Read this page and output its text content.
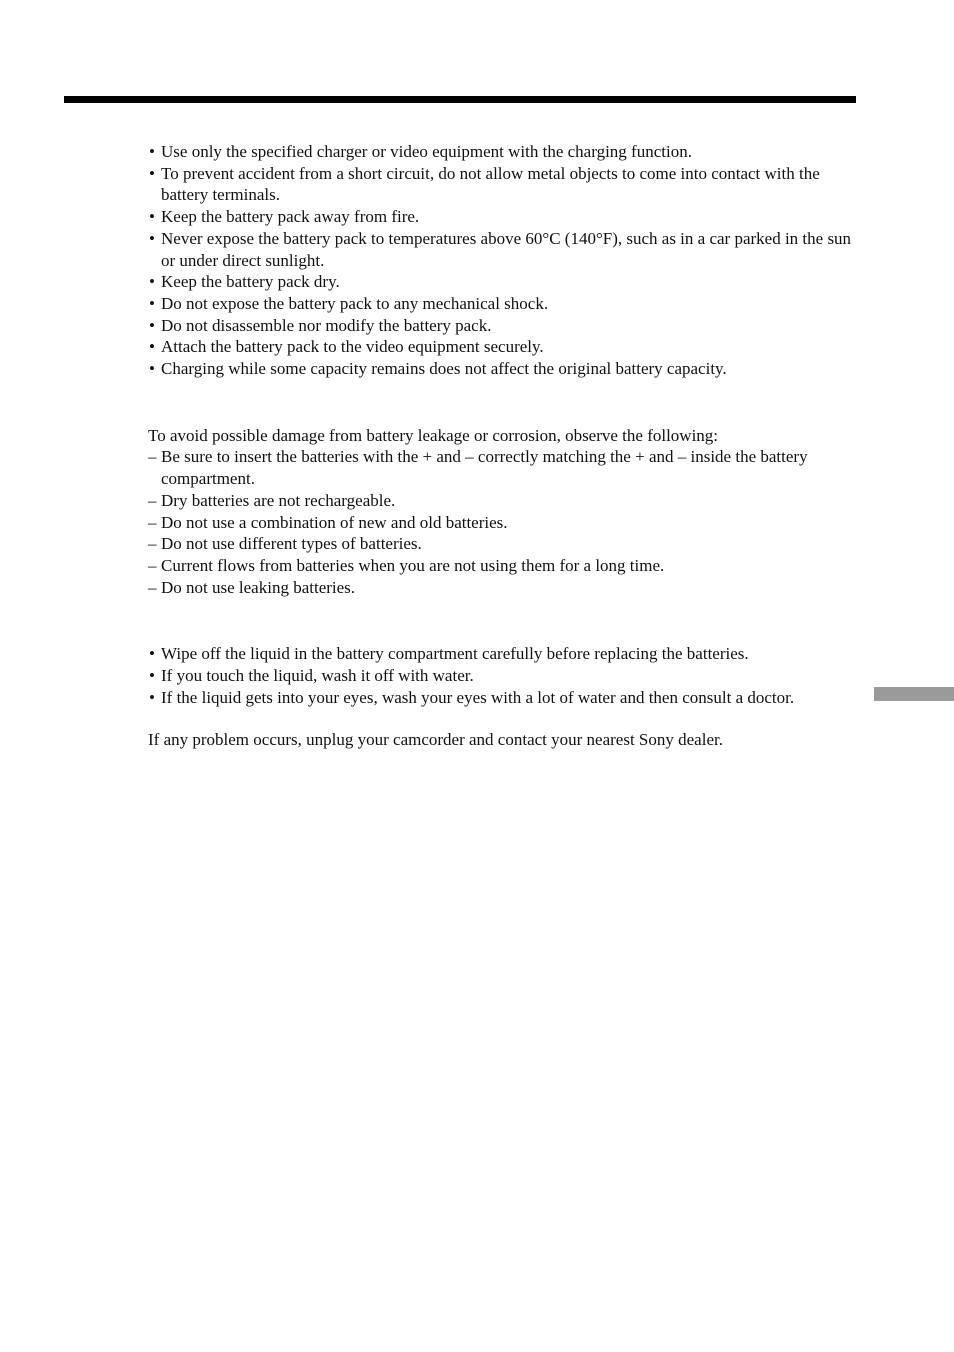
• Use only the specified charger or video equipment with the charging function.
• To prevent accident from a short circuit, do not allow metal objects to come into contact with the battery terminals.
• Keep the battery pack away from fire.
• Never expose the battery pack to temperatures above 60°C (140°F), such as in a car parked in the sun or under direct sunlight.
• Keep the battery pack dry.
• Do not expose the battery pack to any mechanical shock.
• Do not disassemble nor modify the battery pack.
• Attach the battery pack to the video equipment securely.
• Charging while some capacity remains does not affect the original battery capacity.

To avoid possible damage from battery leakage or corrosion, observe the following:

– Be sure to insert the batteries with the + and – correctly matching the + and – inside the battery compartment.
– Dry batteries are not rechargeable.
– Do not use a combination of new and old batteries.
– Do not use different types of batteries.
– Current flows from batteries when you are not using them for a long time.
– Do not use leaking batteries.
• Wipe off the liquid in the battery compartment carefully before replacing the batteries.
• If you touch the liquid, wash it off with water.
• If the liquid gets into your eyes, wash your eyes with a lot of water and then consult a doctor.

If any problem occurs, unplug your camcorder and contact your nearest Sony dealer.
